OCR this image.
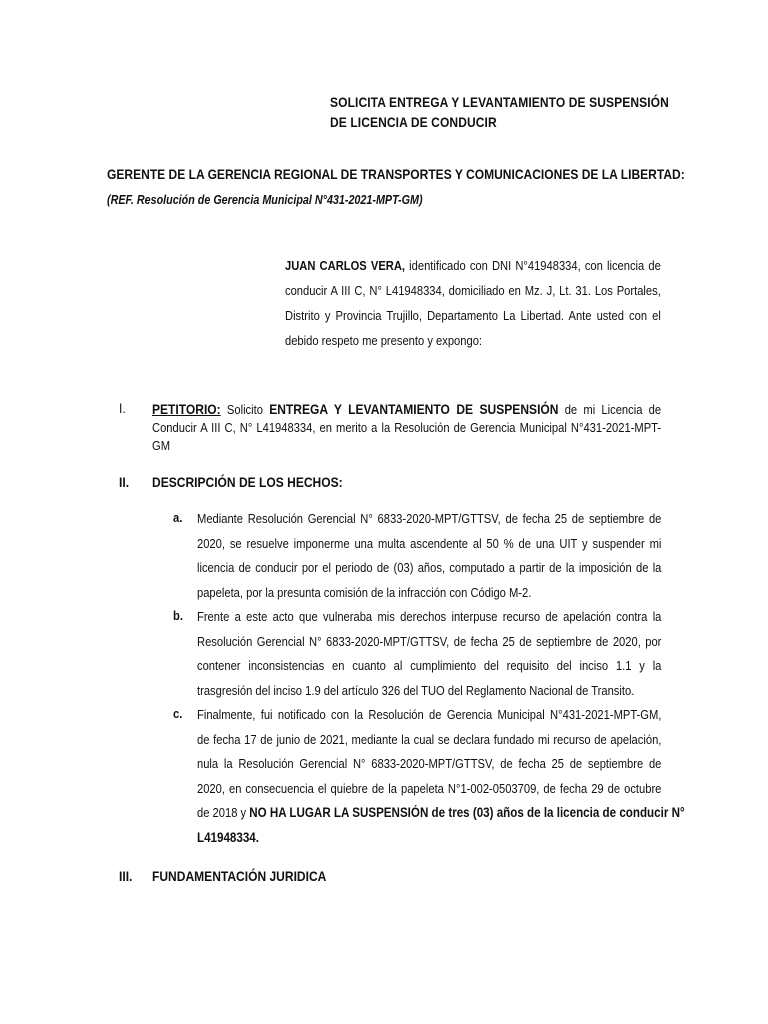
SOLICITA ENTREGA Y LEVANTAMIENTO DE SUSPENSIÓN
DE LICENCIA DE CONDUCIR
GERENTE DE LA GERENCIA REGIONAL DE TRANSPORTES Y COMUNICACIONES DE LA LIBERTAD:
(REF. Resolución de Gerencia Municipal N°431-2021-MPT-GM)
JUAN CARLOS VERA, identificado con DNI N°41948334, con licencia de
conducir A III C, N° L41948334, domiciliado en Mz. J, Lt. 31. Los Portales,
Distrito y Provincia Trujillo, Departamento La Libertad. Ante usted con el
debido respeto me presento y expongo:
I. PETITORIO: Solicito ENTREGA Y LEVANTAMIENTO DE SUSPENSIÓN de mi Licencia de
Conducir A III C, N° L41948334, en merito a la Resolución de Gerencia Municipal N°431-2021-MPT-
GM
II. DESCRIPCIÓN DE LOS HECHOS:
a. Mediante Resolución Gerencial N° 6833-2020-MPT/GTTSV, de fecha 25 de septiembre de
2020, se resuelve imponerme una multa ascendente al 50 % de una UIT y suspender mi
licencia de conducir por el periodo de (03) años, computado a partir de la imposición de la
papeleta, por la presunta comisión de la infracción con Código M-2.
b. Frente a este acto que vulneraba mis derechos interpuse recurso de apelación contra la
Resolución Gerencial N° 6833-2020-MPT/GTTSV, de fecha 25 de septiembre de 2020, por
contener inconsistencias en cuanto al cumplimiento del requisito del inciso 1.1 y la
trasgresión del inciso 1.9 del artículo 326 del TUO del Reglamento Nacional de Transito.
c. Finalmente, fui notificado con la Resolución de Gerencia Municipal N°431-2021-MPT-GM,
de fecha 17 de junio de 2021, mediante la cual se declara fundado mi recurso de apelación,
nula la Resolución Gerencial N° 6833-2020-MPT/GTTSV, de fecha 25 de septiembre de
2020, en consecuencia el quiebre de la papeleta N°1-002-0503709, de fecha 29 de octubre
de 2018 y NO HA LUGAR LA SUSPENSIÓN de tres (03) años de la licencia de conducir N°
L41948334.
III. FUNDAMENTACIÓN JURIDICA
